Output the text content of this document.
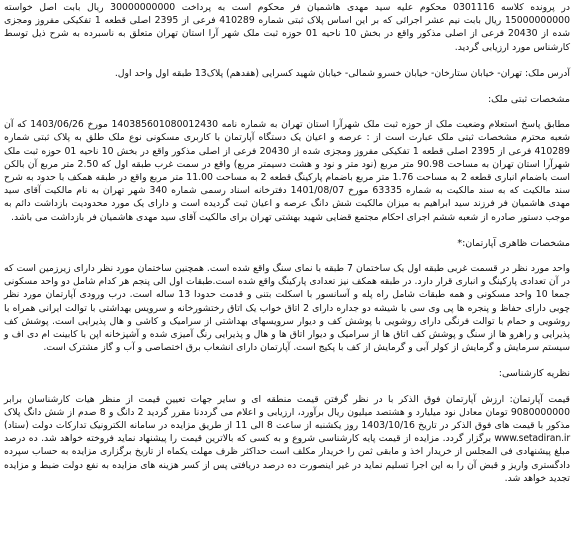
در پرونده کلاسه 0301116 محکوم علیه سید مهدی هاشمیان فر محکوم است به پرداخت 30000000000 ریال بابت اصل خواسته 15000000000 ریال بابت نیم عشر اجرائی که بر این اساس پلاک ثبتی شماره 410289 فرعی از 2395 اصلی قطعه 1 تفکیکی مفروز ومجزی شده از 20430 فرعی از اصلی مذکور واقع در بخش 10 ناحیه 01 حوزه ثبت ملک شهر آرا استان تهران متعلق به ناسبرده به شرح ذیل توسط کارشناس مورد ارزیابی گردید.

آدرس ملک: تهران- خیابان ستارخان- خیابان خسرو شمالی- خیابان شهید کسرایی (هفدهم) پلاک13 طبقه اول واحد اول.

مشخصات ثبتی ملک:

مطابق پاسخ استعلام وضعیت ملک از حوزه ثبت ملک شهرآرا استان تهران به شماره نامه 140385601080012430 مورخ 1403/06/26 که آن شعبه محترم مشخصات ثبتی ملک عبارت است از : عرصه و اعیان یک دستگاه آپارتمان با کاربری مسکونی نوع ملک طلق به پلاک ثبتی شماره 410289 فرعی از 2395 اصلی قطعه 1 تفکیکی مفروز ومجزی شده از 20430 فرعی از اصلی مذکور واقع در بخش 10 ناحیه 01 حوزه ثبت ملک شهرآرا استان تهران به مساحت 90.98 متر مربع (نود متر و نود و هشت دسیمتر مربع) واقع در سمت غرب طبقه اول که 2.50 متر مربع آن بالکن است باضمام انباری قطعه 2 به مساحت 1.76 متر مربع باضمام پارکینگ قطعه 2 به مساحت 11.00 متر مربع واقع در طبقه همکف با حدود به شرح سند مالکیت که به سند مالکیت به شماره 63335 مورخ 1401/08/07 دفترخانه اسناد رسمی شماره 340 شهر تهران به نام مالکیت آقای سید مهدی هاشمیان فر فرزند سید ابراهیم به میزان مالکیت شش دانگ عرصه و اعیان ثبت گردیده است و دارای یک مورد محدودیت بازداشت دائم به موجب دستور صادره از شعبه ششم اجرای احکام مجتمع قضایی شهید بهشتی تهران برای مالکیت آقای سید مهدی هاشمیان فر بازداشت می باشد.

مشخصات ظاهری آپارتمان:*

واحد مورد نظر در قسمت غربی طبقه اول یک ساختمان 7 طبقه با نمای سنگ واقع شده است. همچنین ساختمان مورد نظر دارای زیرزمین است که در آن تعدادی پارکینگ و انباری قرار دارد. در طبقه همکف نیز تعدادی پارکینگ واقع شده است.طبقات اول الی پنجم هر کدام شامل دو واحد مسکونی جمعا 10 واحد مسکونی و همه طبقات شامل راه پله و آسانسور با اسکلت بتنی و قدمت حدودا 13 ساله است. درب ورودی آپارتمان مورد نظر چوبی دارای حفاظ و پنجره ها پی وی سی با شیشه دو جداره دارای 2 اتاق خواب یک اتاق رختشورخانه و سرویس بهداشتی با توالت ایرانی همراه با روشویی و حمام با توالت فرنگی دارای روشویی با پوشش کف و دیوار سرویسهای بهداشتی از سرامیک و کاشی و هال پذیرایی است. پوشش کف پذیرایی و راهرو ها از سنگ و پوشش کف اتاق ها از سرامیک و دیوار اتاق ها و هال و پذیرایی رنگ آمیزی شده و آشپزخانه اپن با کابینت ام دی اف و سیستم سرمایش و گرمایش از کولر آبی و گرمایش از کف با پکیج است. آپارتمان دارای انشعاب برق اختصاصی و آب و گاز مشترک است.

نظریه کارشناسی:

قیمت آپارتمان: ارزش آپارتمان فوق الذکر با در نظر گرفتن قیمت منطقه ای و سایر جهات تعیین قیمت از منظر هیات کارشناسان برابر 9080000000 تومان معادل نود میلیارد و هشتصد میلیون ریال برآورد، ارزیابی و اعلام می گرددنا مقرر گردید 2 دانگ و 8 صدم از شش دانگ پلاک مذکور با قیمت های فوق الذکر در تاریخ 1403/10/16 روز یکشنبه از ساعت 8 الی 11 از طریق مزایده در سامانه الکترونیک تدارکات دولت (ستاد) www.setadiran.ir برگزار گردد. مزایده از قیمت پایه کارشناسی شروع و به کسی که بالاترین قیمت را پیشنهاد نماید فروخته خواهد شد. ده درصد مبلغ پیشنهادی فی المجلس از خریدار اخذ و مابقی ثمن را خریدار مکلف است حداکثر ظرف مهلت یکماه از تاریخ برگزاری مزایده به حساب سپرده دادگستری واریز و قبض آن را به این اجرا تسلیم نماید در غیر اینصورت ده درصد دریافتی پس از کسر هزینه های مزایده به نفع دولت ضبط و مزایده تجدید خواهد شد.
